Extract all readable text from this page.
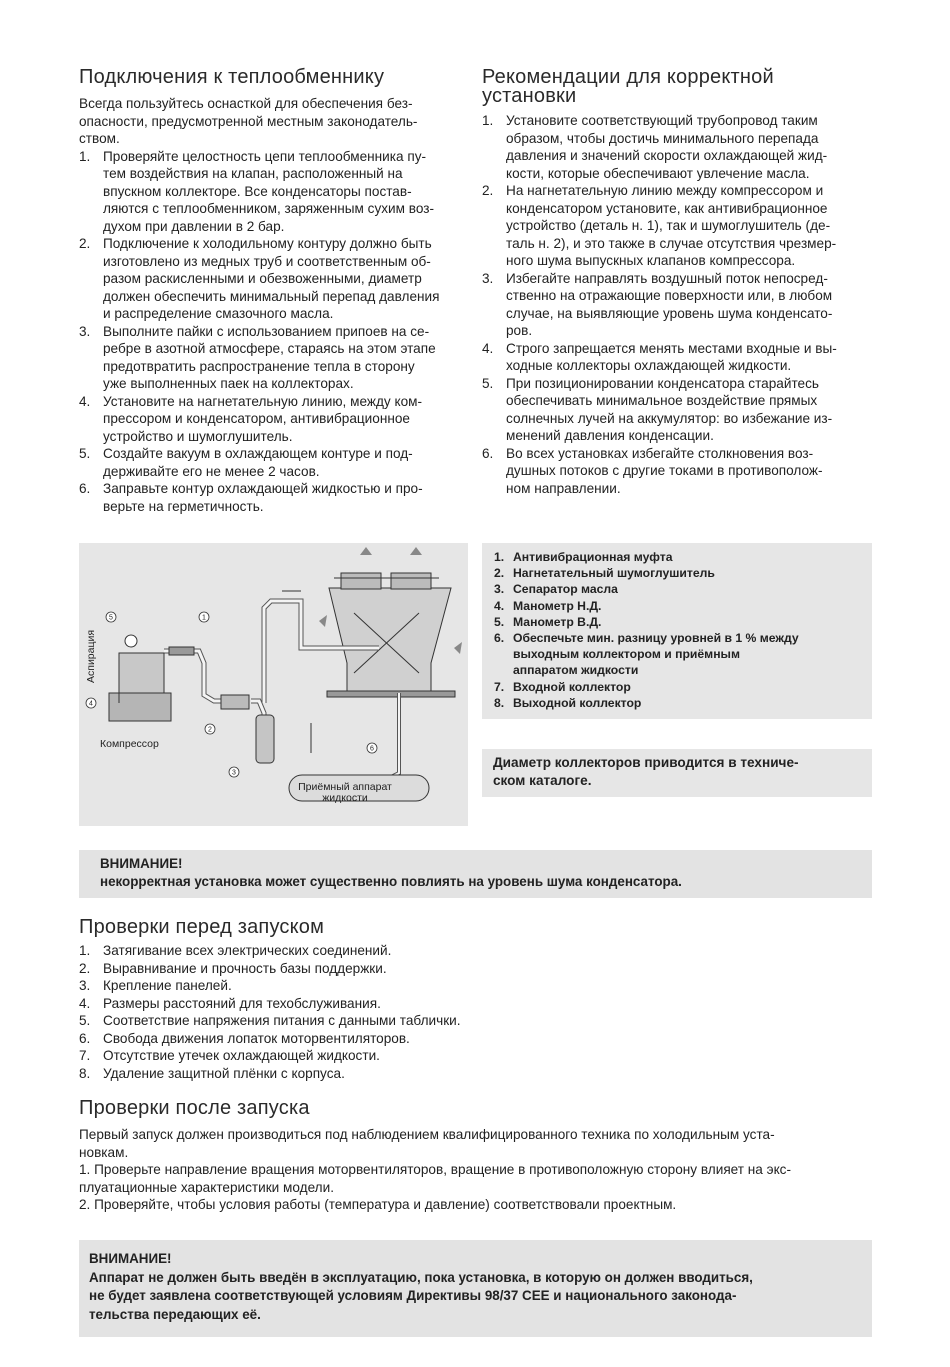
Подключения к теплообменнику

Всегда пользуйтесь оснасткой для обеспечения без-
опасности, предусмотренной местным законодатель-
ством.

1. Проверяйте целостность цепи теплообменника пу-
тем воздействия на клапан, расположенный на
впускном коллекторе. Все конденсаторы постав-
ляются с теплообменником, заряженным сухим воз-
духом при давлении в 2 бар.
2. Подключение к холодильному контуру должно быть
изготовлено из медных труб и соответственным об-
разом раскисленными и обезвоженными, диаметр
должен обеспечить минимальный перепад давления
и распределение смазочного масла.
3. Выполните пайки с использованием припоев на се-
ребре в азотной атмосфере, стараясь на этом этапе
предотвратить распространение тепла в сторону
уже выполненных паек на коллекторах.
4. Установите на нагнетательную линию, между ком-
прессором и конденсатором, антивибрационное
устройство и шумоглушитель.
5. Создайте вакуум в охлаждающем контуре и под-
держивайте его не менее 2 часов.
6. Заправьте контур охлаждающей жидкостью и про-
верьте на герметичность.
Рекомендации для корректной
установки
1. Установите соответствующий трубопровод таким
образом, чтобы достичь минимального перепада
давления и значений скорости охлаждающей жид-
кости, которые обеспечивают увлечение масла.
2. На нагнетательную линию между компрессором и
конденсатором установите, как антивибрационное
устройство (деталь н. 1), так и шумоглушитель (де-
таль н. 2), и это также в случае отсутствия чрезмер-
ного шума выпускных клапанов компрессора.
3. Избегайте направлять воздушный поток непосред-
ственно на отражающие поверхности или, в любом
случае, на выявляющие уровень шума конденсато-
ров.
4. Строго запрещается менять местами входные и вы-
ходные коллекторы охлаждающей жидкости.
5. При позиционировании конденсатора старайтесь
обеспечивать минимальное воздействие прямых
солнечных лучей на аккумулятор: во избежание из-
менений давления конденсации.
6. Во всех установках избегайте столкновения воз-
душных потоков с другие токами в противополож-
ном направлении.
5	1
2
3
4
6
Аспирация
Компрессор
Приёмный аппарат
жидкости
1. Антивибрационная муфта
2. Нагнетательный шумоглушитель
3. Сепаратор масла
4. Манометр Н.Д.
5. Манометр В.Д.
6. Обеспечьте мин. разницу уровней в 1 % между
выходным коллектором и приёмным
аппаратом жидкости
7. Входной коллектор
8. Выходной коллектор

Диаметр коллекторов приводится в техниче-
ском каталоге.

ВНИМАНИЕ!

некорректная установка может существенно повлиять на уровень шума конденсатора.

Проверки перед запуском
1. Затягивание всех электрических соединений.
2. Выравнивание и прочность базы поддержки.
3. Крепление панелей.
4. Размеры расстояний для техобслуживания.
5. Соответствие напряжения питания с данными таблички.
6. Свобода движения лопаток моторвентиляторов.
7. Отсутствие утечек охлаждающей жидкости.
8. Удаление защитной плёнки с корпуса.
Проверки после запуска

Первый запуск должен производиться под наблюдением квалифицированного техника по холодильным уста-
новкам.
1. Проверьте направление вращения моторвентиляторов, вращение в противоположную сторону влияет на экс-
плуатационные характеристики модели.
2. Проверяйте, чтобы условия работы (температура и давление) соответствовали проектным.

ВНИМАНИЕ!

Аппарат не должен быть введён в эксплуатацию, пока установка, в которую он должен вводиться,
не будет заявлена соответствующей условиям Директивы 98/37 CEE и национального законода-
тельства передающих её.
